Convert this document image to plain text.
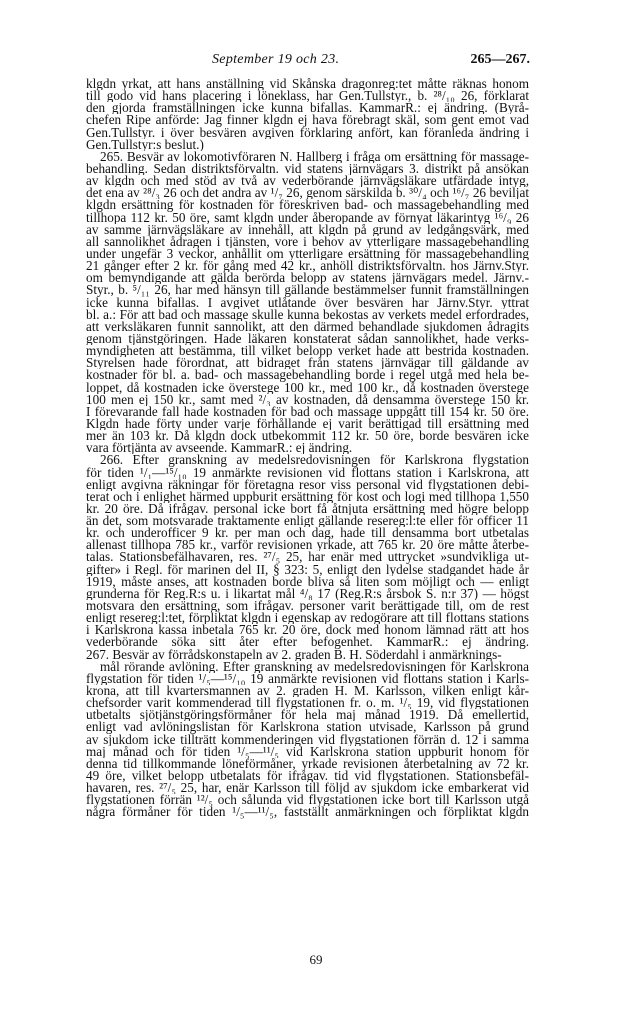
September 19 och 23.	265—267.
klgdn yrkat, att hans anställning vid Skånska dragonreg:tet måtte räknas honom
till godo vid hans placering i löneklass, har Gen.Tullstyr., b. ²⁸/₁₀ 26, förklarat
den gjorda framställningen icke kunna bifallas. KammarR.: ej ändring. (Byrå-
chefen Ripe anförde: Jag finner klgdn ej hava förebragt skäl, som gent emot vad
Gen.Tullstyr. i över besvären avgiven förklaring anfört, kan föranleda ändring i
Gen.Tullstyr:s beslut.)
265. Besvär av lokomotivföraren N. Hallberg i fråga om ersättning för massage-
behandling. Sedan distriktsförvaltn. vid statens järnvägars 3. distrikt på ansökan
av klgdn och med stöd av två av vederbörande järnvägsläkare utfärdade intyg,
det ena av ²⁸/₃ 26 och det andra av ¹/₇ 26, genom särskilda b. ³⁰/₄ och ¹⁶/₇ 26 beviljat
klgdn ersättning för kostnaden för föreskriven bad- och massagebehandling med
tillhopa 112 kr. 50 öre, samt klgdn under åberopande av förnyat läkarintyg ¹⁶/₉ 26
av samme järnvägsläkare av innehåll, att klgdn på grund av ledgångsvärk, med
all sannolikhet ådragen i tjänsten, vore i behov av ytterligare massagebehandling
under ungefär 3 veckor, anhållit om ytterligare ersättning för massagebehandling
21 gånger efter 2 kr. för gång med 42 kr., anhöll distriktsförvaltn. hos Järnv.Styr.
om bemyndigande att gälda berörda belopp av statens järnvägars medel. Järnv.-
Styr., b. ⁵/₁₁ 26, har med hänsyn till gällande bestämmelser funnit framställningen
icke kunna bifallas. I avgivet utlåtande över besvären har Järnv.Styr. yttrat
bl. a.: För att bad och massage skulle kunna bekostas av verkets medel erfordrades,
att verksläkaren funnit sannolikt, att den därmed behandlade sjukdomen ådragits
genom tjänstgöringen. Hade läkaren konstaterat sådan sannolikhet, hade verks-
myndigheten att bestämma, till vilket belopp verket hade att bestrida kostnaden.
Styrelsen hade förordnat, att bidraget från statens järnvägar till gäldande av
kostnader för bl. a. bad- och massagebehandling borde i regel utgå med hela be-
loppet, då kostnaden icke överstege 100 kr., med 100 kr., då kostnaden överstege
100 men ej 150 kr., samt med ²/₃ av kostnaden, då densamma överstege 150 kr.
I förevarande fall hade kostnaden för bad och massage uppgått till 154 kr. 50 öre.
Klgdn hade förty under varje förhållande ej varit berättigad till ersättning med
mer än 103 kr. Då klgdn dock utbekommit 112 kr. 50 öre, borde besvären icke
vara förtjänta av avseende. KammarR.: ej ändring.
266. Efter granskning av medelsredovisningen för Karlskrona flygstation
för tiden ¹/₁—¹⁵/₁₀ 19 anmärkte revisionen vid flottans station i Karlskrona, att
enligt avgivna räkningar för företagna resor viss personal vid flygstationen debi-
terat och i enlighet härmed uppburit ersättning för kost och logi med tillhopa 1,550
kr. 20 öre. Då ifrågav. personal icke bort få åtnjuta ersättning med högre belopp
än det, som motsvarade traktamente enligt gällande resereg:l:te eller för officer 11
kr. och underofficer 9 kr. per man och dag, hade till densamma bort utbetalas
allenast tillhopa 785 kr., varför revisionen yrkade, att 765 kr. 20 öre måtte återbe-
talas. Stationsbefälhavaren, res. ²⁷/₅ 25, har enär med uttrycket »sundvikliga ut-
gifter» i Regl. för marinen del II, § 323: 5, enligt den lydelse stadgandet hade år
1919, måste anses, att kostnaden borde bliva så liten som möjligt och — enligt
grunderna för Reg.R:s u. i likartat mål ⁴/₈ 17 (Reg.R:s årsbok S. n:r 37) — högst
motsvara den ersättning, som ifrågav. personer varit berättigade till, om de rest
enligt resereg:l:tet, förpliktat klgdn i egenskap av redogörare att till flottans stations
i Karlskrona kassa inbetala 765 kr. 20 öre, dock med honom lämnad rätt att hos
vederbörande söka sitt åter efter befogenhet. KammarR.: ej ändring.
267. Besvär av förrådskonstapeln av 2. graden B. H. Söderdahl i anmärknings-
mål rörande avlöning. Efter granskning av medelsredovisningen för Karlskrona
flygstation för tiden ¹/₅—¹⁵/₁₀ 19 anmärkte revisionen vid flottans station i Karls-
krona, att till kvartersmannen av 2. graden H. M. Karlsson, vilken enligt kår-
chefsorder varit kommenderad till flygstationen fr. o. m. ¹/₅ 19, vid flygstationen
utbetalts sjötjänstgöringsförmåner för hela maj månad 1919. Då emellertid,
enligt vad avlöningslistan för Karlskrona station utvisade, Karlsson på grund
av sjukdom icke tillträtt kommenderingen vid flygstationen förrän d. 12 i samma
maj månad och för tiden ¹/₅—¹¹/₅ vid Karlskrona station uppburit honom för
denna tid tillkommande löneförmåner, yrkade revisionen återbetalning av 72 kr.
49 öre, vilket belopp utbetalats för ifrågav. tid vid flygstationen. Stationsbefäl-
havaren, res. ²⁷/₅ 25, har, enär Karlsson till följd av sjukdom icke embarkerat vid
flygstationen förrän ¹²/₅ och sålunda vid flygstationen icke bort till Karlsson utgå
några förmåner för tiden ¹/₅—¹¹/₅, fastställt anmärkningen och förpliktat klgdn
69
